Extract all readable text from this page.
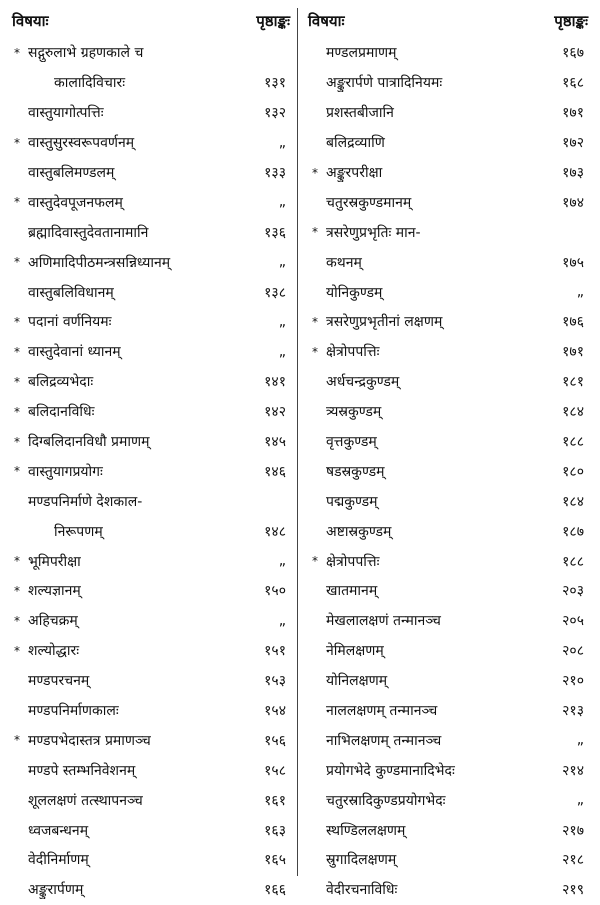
विषयाः	पृष्ठाङ्कः
* सद्गुरुलाभे ग्रहणकाले च
कालादिविचारः	१३१
वास्तुयागोत्पत्तिः	१३२
* वास्तुसुरस्वरूपवर्णनम्	„
वास्तुबलिमण्डलम्	१३३
* वास्तुदेवपूजनफलम्	„
ब्रह्मादिवास्तुदेवतानामानि	१३६
* अणिमादिपीठमन्त्रसन्निध्यानम्	„
वास्तुबलिविधानम्	१३८
* पदानां वर्णनियमः	„
* वास्तुदेवानां ध्यानम्	„
* बलिद्रव्यभेदाः	१४१
* बलिदानविधिः	१४२
* दिग्बलिदानविधौ प्रमाणम्	१४५
* वास्तुयागप्रयोगः	१४६
मण्डपनिर्माणे देशकाल-
निरूपणम्	१४८
* भूमिपरीक्षा	„
* शल्यज्ञानम्	१५०
* अहिचक्रम्	„
* शल्योद्धारः	१५१
मण्डपरचनम्	१५३
मण्डपनिर्माणकालः	१५४
* मण्डपभेदास्तत्र प्रमाणञ्च	१५६
मण्डपे स्तम्भनिवेशनम्	१५८
शूललक्षणं तत्स्थापनञ्च	१६१
ध्वजबन्धनम्	१६३
वेदीनिर्माणम्	१६५
अङ्कुरार्पणम्	१६६
विषयाः	पृष्ठाङ्कः
मण्डलप्रमाणम्	१६७
अङ्कुरार्पणे पात्रादिनियमः	१६८
प्रशस्तबीजानि	१७१
बलिद्रव्याणि	१७२
* अङ्कुरपरीक्षा	१७३
चतुरस्रकुण्डमानम्	१७४
* त्रसरेणुप्रभृतिः मान-
कथनम्	१७५
योनिकुण्डम्	„
* त्रसरेणुप्रभृतीनां लक्षणम्	१७६
* क्षेत्रोपपत्तिः	१७१
अर्धचन्द्रकुण्डम्	१८१
त्र्यस्रकुण्डम्	१८४
वृत्तकुण्डम्	१८८
षडस्रकुण्डम्	१८०
पद्मकुण्डम्	१८४
अष्टास्रकुण्डम्	१८७
* क्षेत्रोपपत्तिः	१८८
खातमानम्	२०३
मेखलालक्षणं तन्मानञ्च	२०५
नेमिलक्षणम्	२०८
योनिलक्षणम्	२१०
नाललक्षणम् तन्मानञ्च	२१३
नाभिलक्षणम् तन्मानञ्च	„
प्रयोगभेदे कुण्डमानादिभेदः	२१४
चतुरस्रादिकुण्डप्रयोगभेदः	„
स्थण्डिललक्षणम्	२१७
स्रुगादिलक्षणम्	२१८
वेदीरचनाविधिः	२१९
